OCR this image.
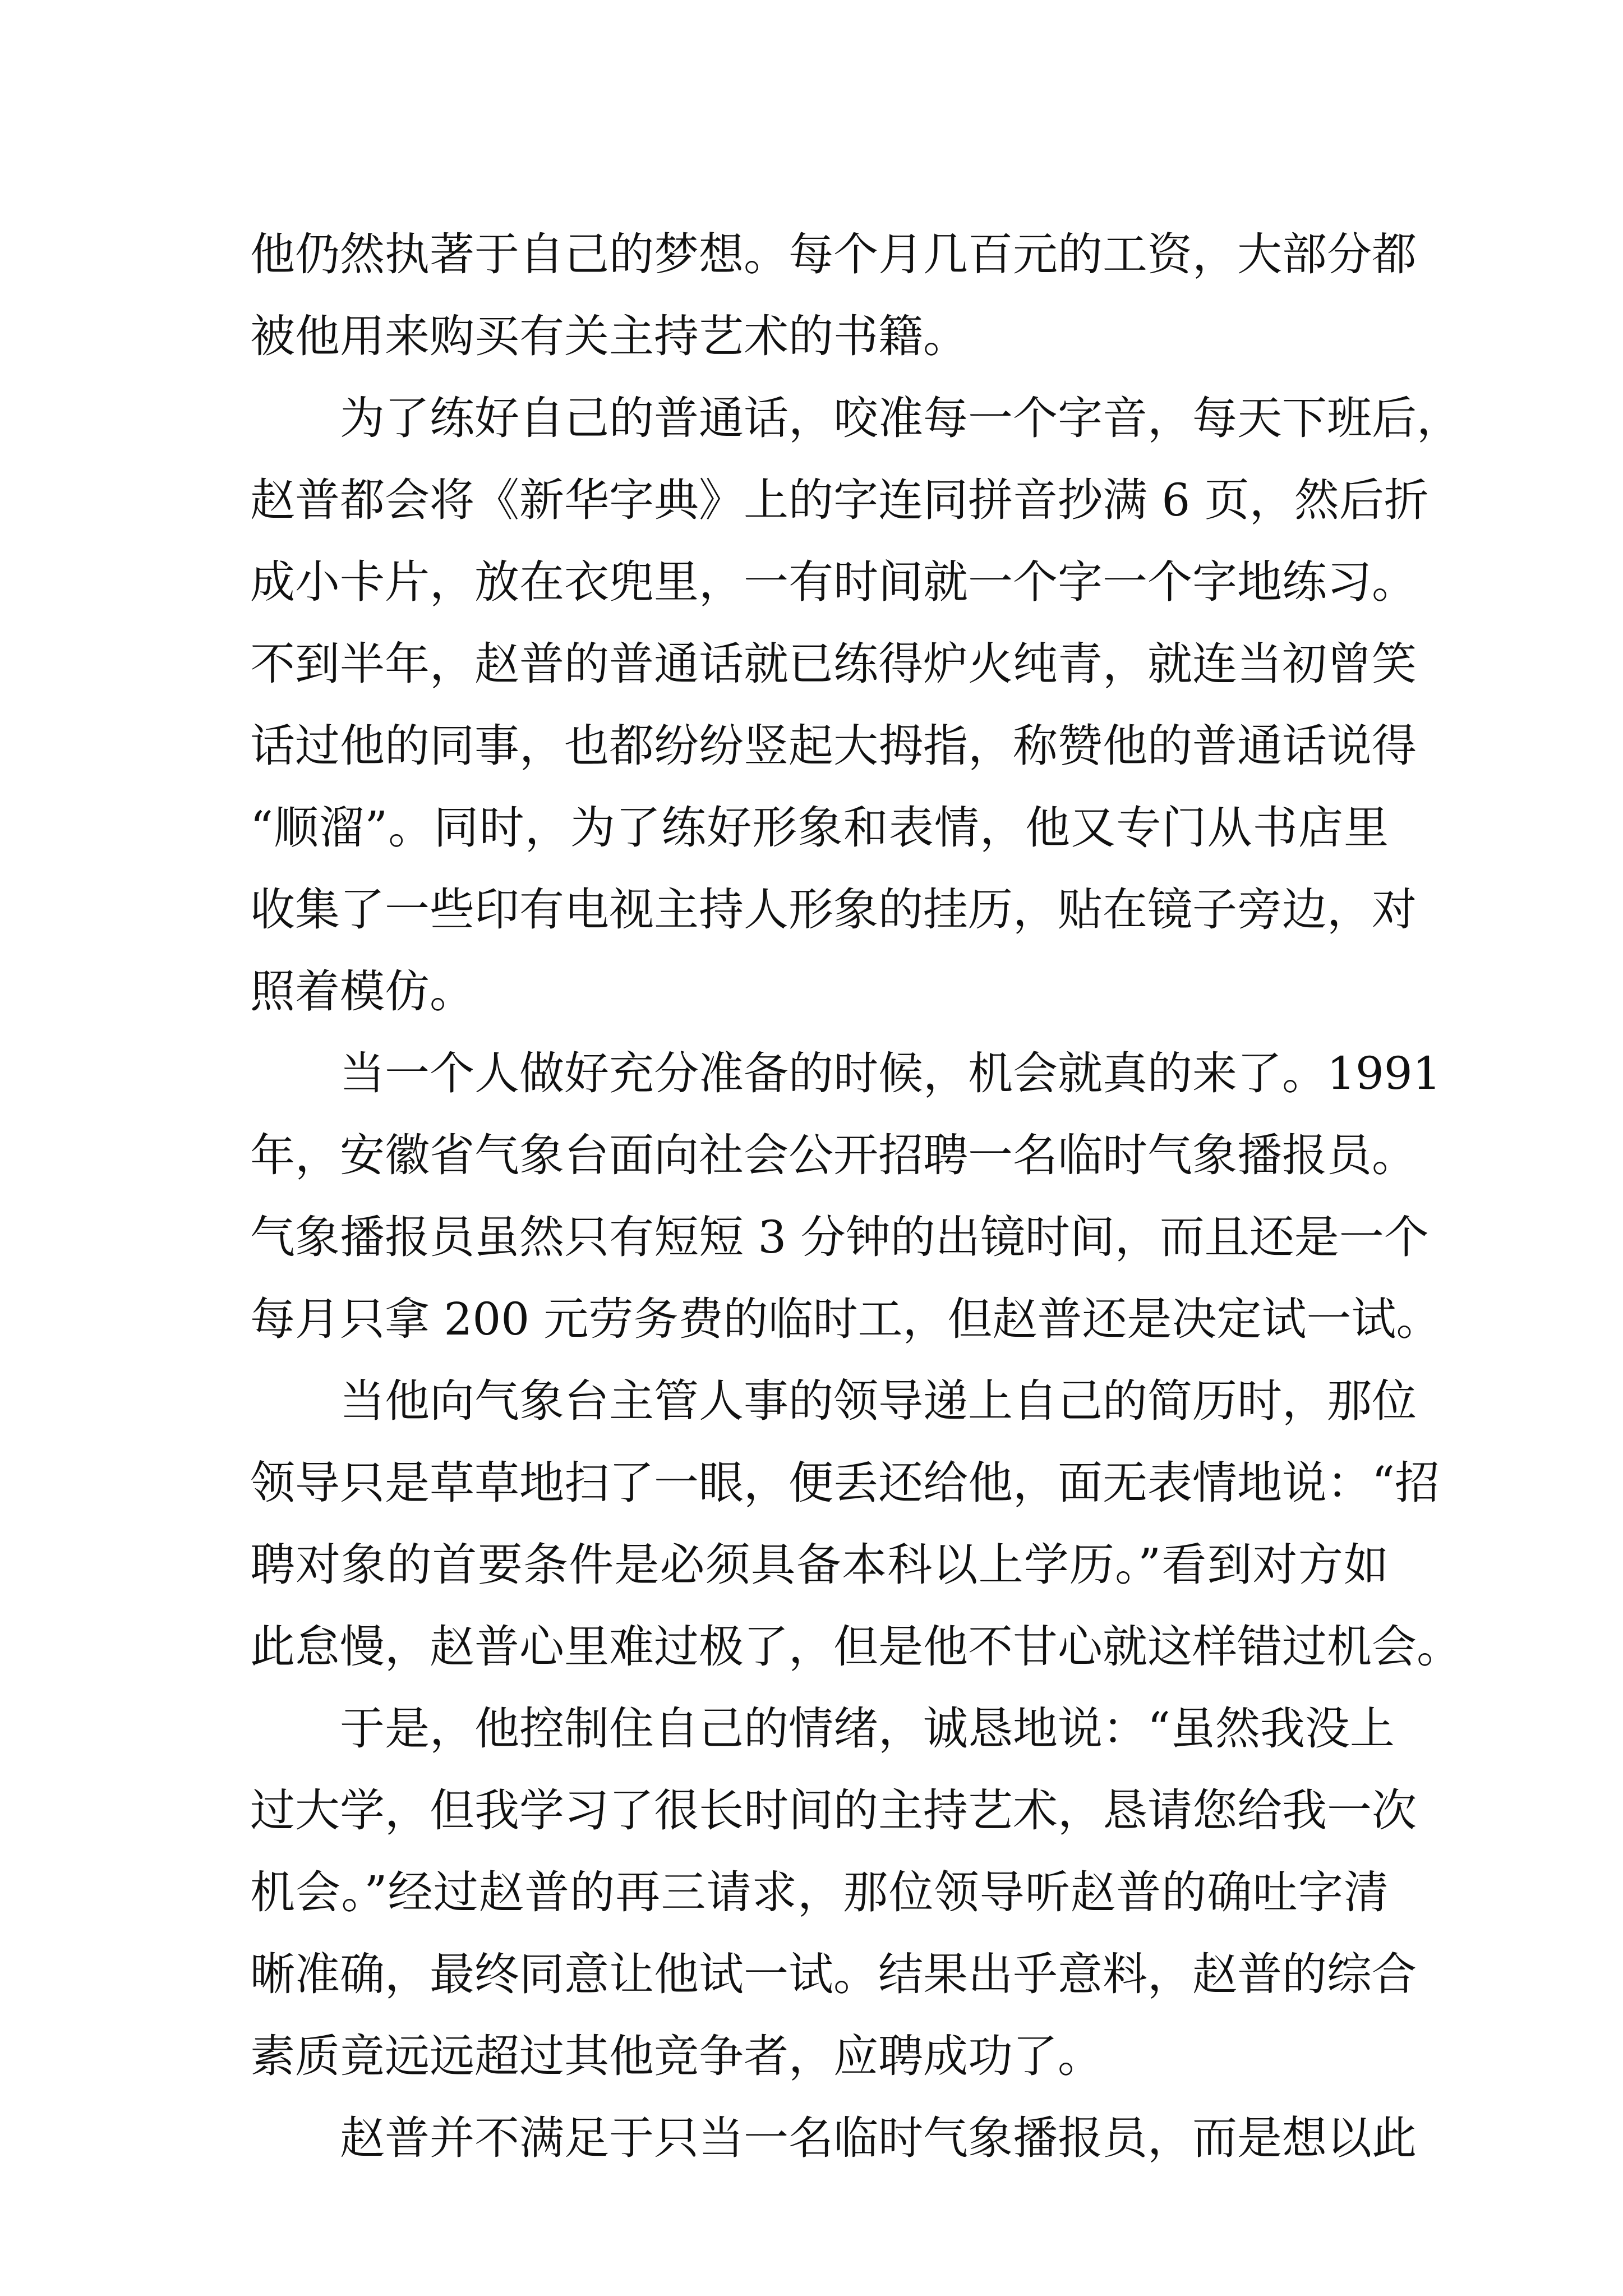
他仍然执著于自己的梦想。每个月几百元的工资，大部分都
被他用来购买有关主持艺术的书籍。

为了练好自己的普通话，咬准每一个字音，每天下班后，
赵普都会将《新华字典》上的字连同拼音抄满 6 页，然后折
成小卡片，放在衣兜里，一有时间就一个字一个字地练习。
不到半年，赵普的普通话就已练得炉火纯青，就连当初曾笑
话过他的同事，也都纷纷竖起大拇指，称赞他的普通话说得
“顺溜”。同时，为了练好形象和表情，他又专门从书店里
收集了一些印有电视主持人形象的挂历，贴在镜子旁边，对
照着模仿。

当一个人做好充分准备的时候，机会就真的来了。1991
年，安徽省气象台面向社会公开招聘一名临时气象播报员。
气象播报员虽然只有短短 3 分钟的出镜时间，而且还是一个
每月只拿 200 元劳务费的临时工，但赵普还是决定试一试。

当他向气象台主管人事的领导递上自己的简历时，那位
领导只是草草地扫了一眼，便丢还给他，面无表情地说：“招
聘对象的首要条件是必须具备本科以上学历。”看到对方如
此怠慢，赵普心里难过极了，但是他不甘心就这样错过机会。

于是，他控制住自己的情绪，诚恳地说：“虽然我没上
过大学，但我学习了很长时间的主持艺术，恳请您给我一次
机会。”经过赵普的再三请求，那位领导听赵普的确吐字清
晰准确，最终同意让他试一试。结果出乎意料，赵普的综合
素质竟远远超过其他竞争者，应聘成功了。

赵普并不满足于只当一名临时气象播报员，而是想以此
